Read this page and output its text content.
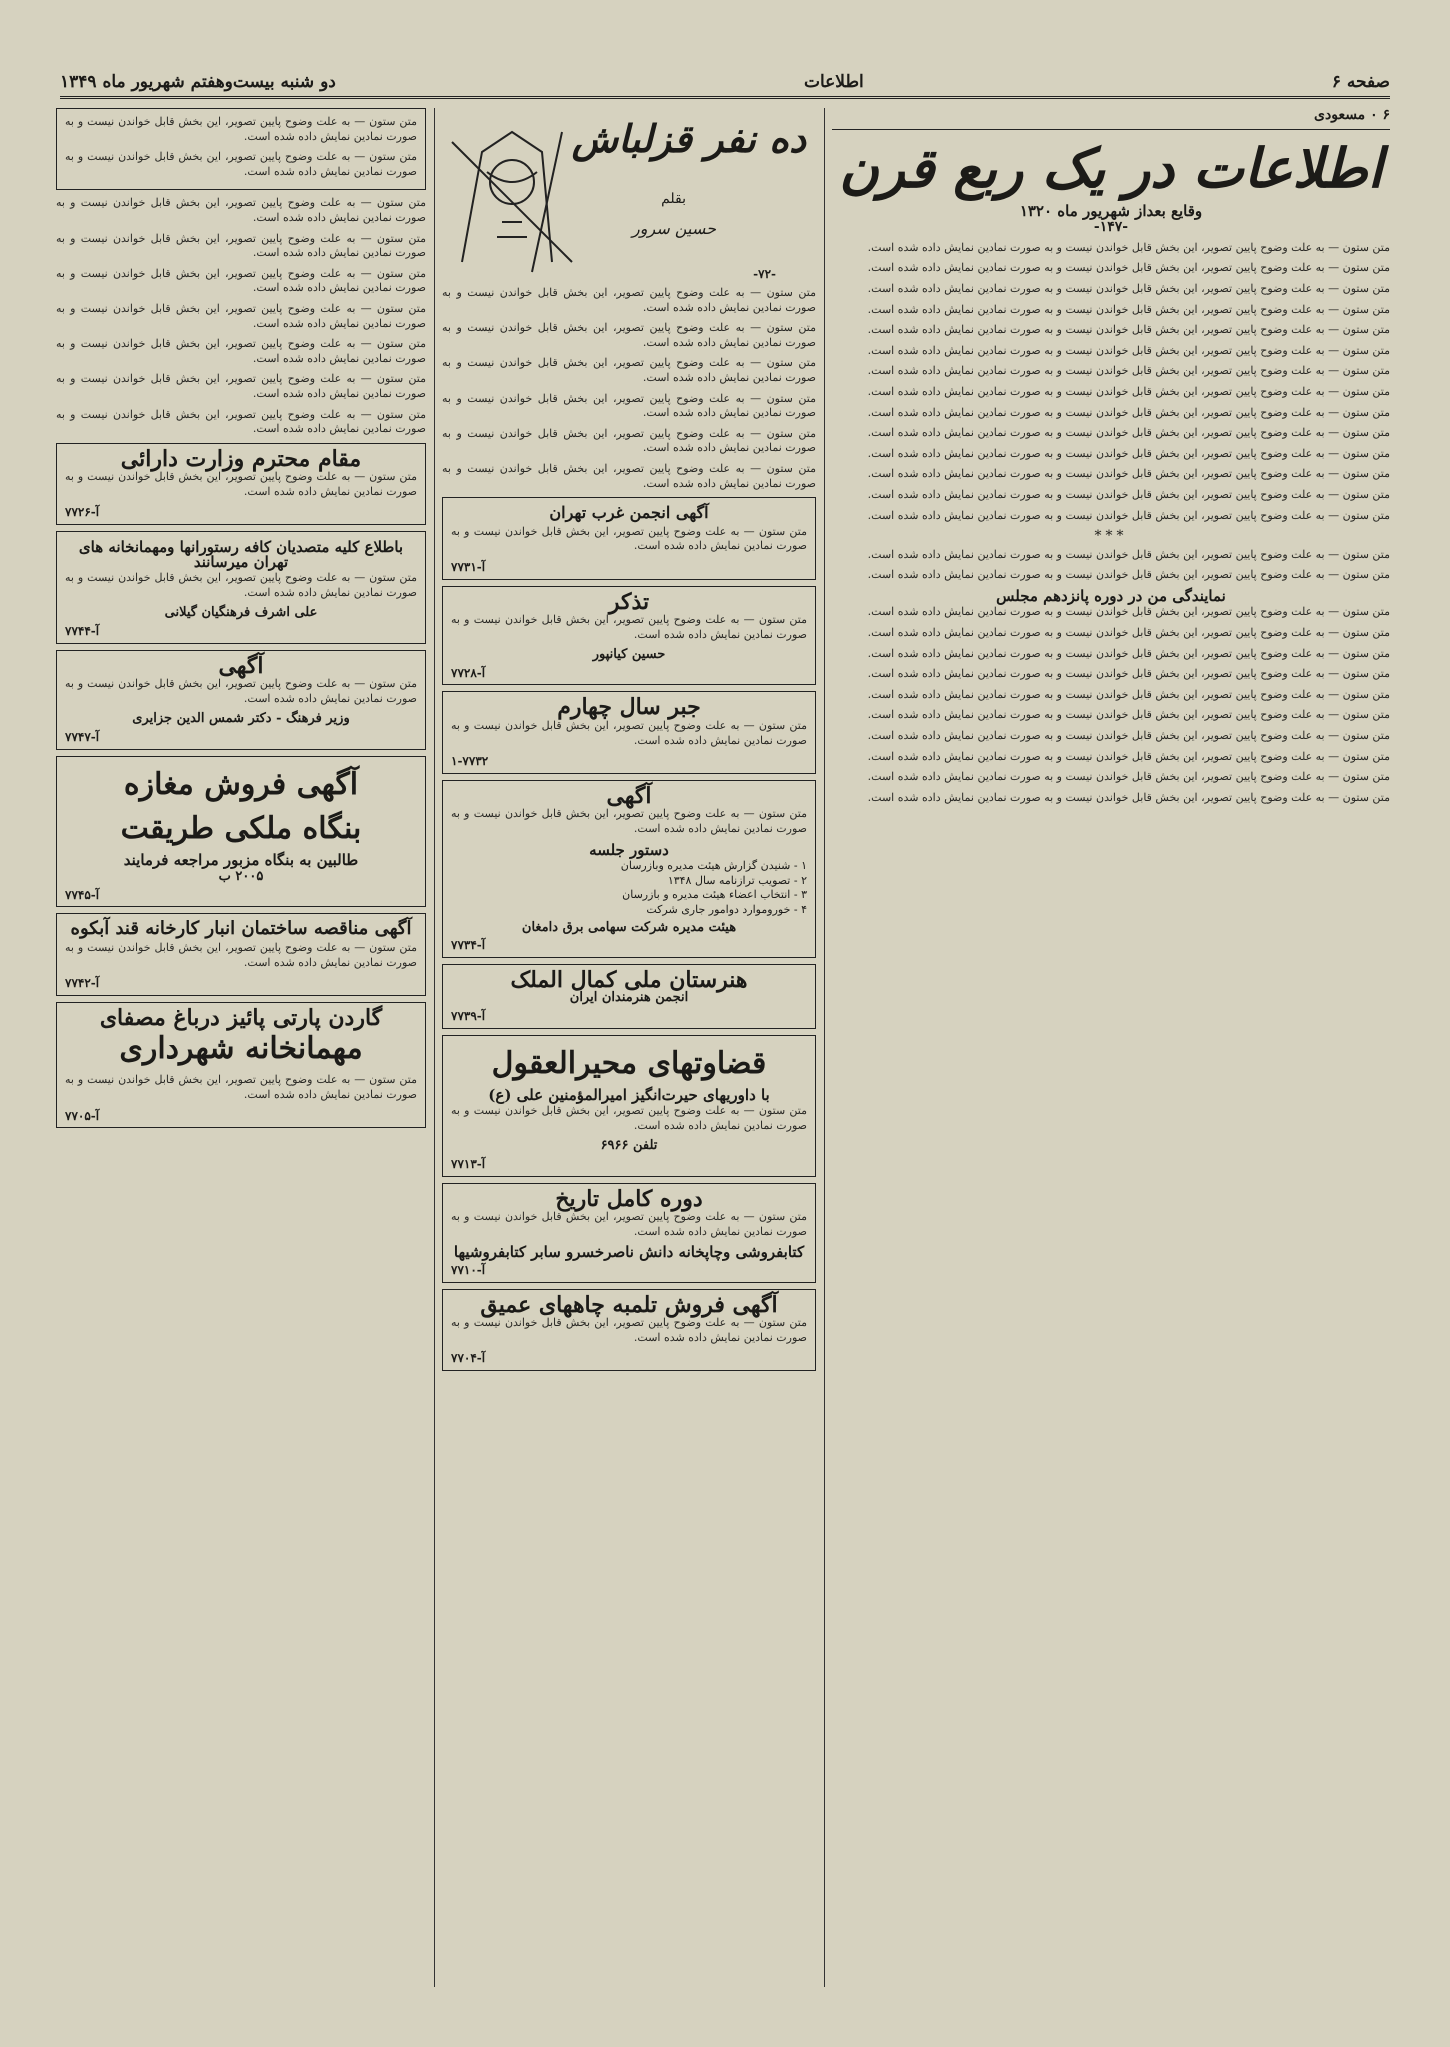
صفحه ۶
اطلاعات
دو شنبه بیست‌وهفتم شهریور ماه ۱۳۴۹
۶ ۰ مسعودی
اطلاعات در یک ربع قرن
وقایع بعداز شهریور ماه ۱۳۲۰
-۱۴۷-

متن ستون — به علت وضوح پایین تصویر، این بخش قابل خواندن نیست و به صورت نمادین نمایش داده شده است.

متن ستون — به علت وضوح پایین تصویر، این بخش قابل خواندن نیست و به صورت نمادین نمایش داده شده است.

متن ستون — به علت وضوح پایین تصویر، این بخش قابل خواندن نیست و به صورت نمادین نمایش داده شده است.

متن ستون — به علت وضوح پایین تصویر، این بخش قابل خواندن نیست و به صورت نمادین نمایش داده شده است.

متن ستون — به علت وضوح پایین تصویر، این بخش قابل خواندن نیست و به صورت نمادین نمایش داده شده است.

متن ستون — به علت وضوح پایین تصویر، این بخش قابل خواندن نیست و به صورت نمادین نمایش داده شده است.

متن ستون — به علت وضوح پایین تصویر، این بخش قابل خواندن نیست و به صورت نمادین نمایش داده شده است.

متن ستون — به علت وضوح پایین تصویر، این بخش قابل خواندن نیست و به صورت نمادین نمایش داده شده است.

متن ستون — به علت وضوح پایین تصویر، این بخش قابل خواندن نیست و به صورت نمادین نمایش داده شده است.

متن ستون — به علت وضوح پایین تصویر، این بخش قابل خواندن نیست و به صورت نمادین نمایش داده شده است.

متن ستون — به علت وضوح پایین تصویر، این بخش قابل خواندن نیست و به صورت نمادین نمایش داده شده است.

متن ستون — به علت وضوح پایین تصویر، این بخش قابل خواندن نیست و به صورت نمادین نمایش داده شده است.

متن ستون — به علت وضوح پایین تصویر، این بخش قابل خواندن نیست و به صورت نمادین نمایش داده شده است.

متن ستون — به علت وضوح پایین تصویر، این بخش قابل خواندن نیست و به صورت نمادین نمایش داده شده است.

***

متن ستون — به علت وضوح پایین تصویر، این بخش قابل خواندن نیست و به صورت نمادین نمایش داده شده است.

متن ستون — به علت وضوح پایین تصویر، این بخش قابل خواندن نیست و به صورت نمادین نمایش داده شده است.

نمایندگی من در دوره پانزدهم مجلس

متن ستون — به علت وضوح پایین تصویر، این بخش قابل خواندن نیست و به صورت نمادین نمایش داده شده است.

متن ستون — به علت وضوح پایین تصویر، این بخش قابل خواندن نیست و به صورت نمادین نمایش داده شده است.

متن ستون — به علت وضوح پایین تصویر، این بخش قابل خواندن نیست و به صورت نمادین نمایش داده شده است.

متن ستون — به علت وضوح پایین تصویر، این بخش قابل خواندن نیست و به صورت نمادین نمایش داده شده است.

متن ستون — به علت وضوح پایین تصویر، این بخش قابل خواندن نیست و به صورت نمادین نمایش داده شده است.

متن ستون — به علت وضوح پایین تصویر، این بخش قابل خواندن نیست و به صورت نمادین نمایش داده شده است.

متن ستون — به علت وضوح پایین تصویر، این بخش قابل خواندن نیست و به صورت نمادین نمایش داده شده است.

متن ستون — به علت وضوح پایین تصویر، این بخش قابل خواندن نیست و به صورت نمادین نمایش داده شده است.

متن ستون — به علت وضوح پایین تصویر، این بخش قابل خواندن نیست و به صورت نمادین نمایش داده شده است.

متن ستون — به علت وضوح پایین تصویر، این بخش قابل خواندن نیست و به صورت نمادین نمایش داده شده است.

ده نفر قزلباش
بقلم
حسین سرور
-۷۲-

متن ستون — به علت وضوح پایین تصویر، این بخش قابل خواندن نیست و به صورت نمادین نمایش داده شده است.

متن ستون — به علت وضوح پایین تصویر، این بخش قابل خواندن نیست و به صورت نمادین نمایش داده شده است.

متن ستون — به علت وضوح پایین تصویر، این بخش قابل خواندن نیست و به صورت نمادین نمایش داده شده است.

متن ستون — به علت وضوح پایین تصویر، این بخش قابل خواندن نیست و به صورت نمادین نمایش داده شده است.

متن ستون — به علت وضوح پایین تصویر، این بخش قابل خواندن نیست و به صورت نمادین نمایش داده شده است.

متن ستون — به علت وضوح پایین تصویر، این بخش قابل خواندن نیست و به صورت نمادین نمایش داده شده است.

آگهی انجمن غرب تهران

متن ستون — به علت وضوح پایین تصویر، این بخش قابل خواندن نیست و به صورت نمادین نمایش داده شده است.

آ-۷۷۳۱
تذکر

متن ستون — به علت وضوح پایین تصویر، این بخش قابل خواندن نیست و به صورت نمادین نمایش داده شده است.

حسین کیانپور
آ-۷۷۲۸
جبر سال چهارم

متن ستون — به علت وضوح پایین تصویر، این بخش قابل خواندن نیست و به صورت نمادین نمایش داده شده است.

۱-۷۷۳۲
آگهی

متن ستون — به علت وضوح پایین تصویر، این بخش قابل خواندن نیست و به صورت نمادین نمایش داده شده است.

دستور جلسه
۱ - شنیدن گزارش هیئت مدیره وبازرسان
۲ - تصویب ترازنامه سال ۱۳۴۸
۳ - انتخاب اعضاء هیئت مدیره و بازرسان
۴ - خوروموارد دوامور جاری شرکت
هیئت مدیره شرکت سهامی برق دامغان
آ-۷۷۳۴
هنرستان ملی کمال الملک
انجمن هنرمندان ایران
آ-۷۷۳۹
قضاوتهای محیرالعقول
با داوریهای حیرت‌انگیز امیرالمؤمنین علی (ع)

متن ستون — به علت وضوح پایین تصویر، این بخش قابل خواندن نیست و به صورت نمادین نمایش داده شده است.

تلفن ۶۹۶۶
آ-۷۷۱۳
دوره کامل تاریخ

متن ستون — به علت وضوح پایین تصویر، این بخش قابل خواندن نیست و به صورت نمادین نمایش داده شده است.

کتابفروشی وچاپخانه دانش ناصرخسرو سابر کتابفروشیها
آ-۷۷۱۰
آگهی فروش تلمبه چاههای عمیق

متن ستون — به علت وضوح پایین تصویر، این بخش قابل خواندن نیست و به صورت نمادین نمایش داده شده است.

آ-۷۷۰۴

متن ستون — به علت وضوح پایین تصویر، این بخش قابل خواندن نیست و به صورت نمادین نمایش داده شده است.

متن ستون — به علت وضوح پایین تصویر، این بخش قابل خواندن نیست و به صورت نمادین نمایش داده شده است.

متن ستون — به علت وضوح پایین تصویر، این بخش قابل خواندن نیست و به صورت نمادین نمایش داده شده است.

متن ستون — به علت وضوح پایین تصویر، این بخش قابل خواندن نیست و به صورت نمادین نمایش داده شده است.

متن ستون — به علت وضوح پایین تصویر، این بخش قابل خواندن نیست و به صورت نمادین نمایش داده شده است.

متن ستون — به علت وضوح پایین تصویر، این بخش قابل خواندن نیست و به صورت نمادین نمایش داده شده است.

متن ستون — به علت وضوح پایین تصویر، این بخش قابل خواندن نیست و به صورت نمادین نمایش داده شده است.

متن ستون — به علت وضوح پایین تصویر، این بخش قابل خواندن نیست و به صورت نمادین نمایش داده شده است.

متن ستون — به علت وضوح پایین تصویر، این بخش قابل خواندن نیست و به صورت نمادین نمایش داده شده است.

مقام محترم وزارت دارائی

متن ستون — به علت وضوح پایین تصویر، این بخش قابل خواندن نیست و به صورت نمادین نمایش داده شده است.

آ-۷۷۲۶
باطلاع کلیه متصدیان کافه رستورانها ومهمانخانه های تهران میرسانند

متن ستون — به علت وضوح پایین تصویر، این بخش قابل خواندن نیست و به صورت نمادین نمایش داده شده است.

علی اشرف فرهنگیان گیلانی
آ-۷۷۴۴
آگهی

متن ستون — به علت وضوح پایین تصویر، این بخش قابل خواندن نیست و به صورت نمادین نمایش داده شده است.

وزیر فرهنگ - دکتر شمس الدین جزایری
آ-۷۷۴۷
آگهی فروش مغازه
بنگاه ملکی طریقت
طالبین به بنگاه مزبور مراجعه فرمایند
۲۰۰۵ ب
آ-۷۷۴۵
آگهی مناقصه ساختمان انبار کارخانه قند آبکوه

متن ستون — به علت وضوح پایین تصویر، این بخش قابل خواندن نیست و به صورت نمادین نمایش داده شده است.

آ-۷۷۴۲
گاردن پارتی پائیز درباغ مصفای
مهمانخانه شهرداری

متن ستون — به علت وضوح پایین تصویر، این بخش قابل خواندن نیست و به صورت نمادین نمایش داده شده است.

آ-۷۷۰۵
